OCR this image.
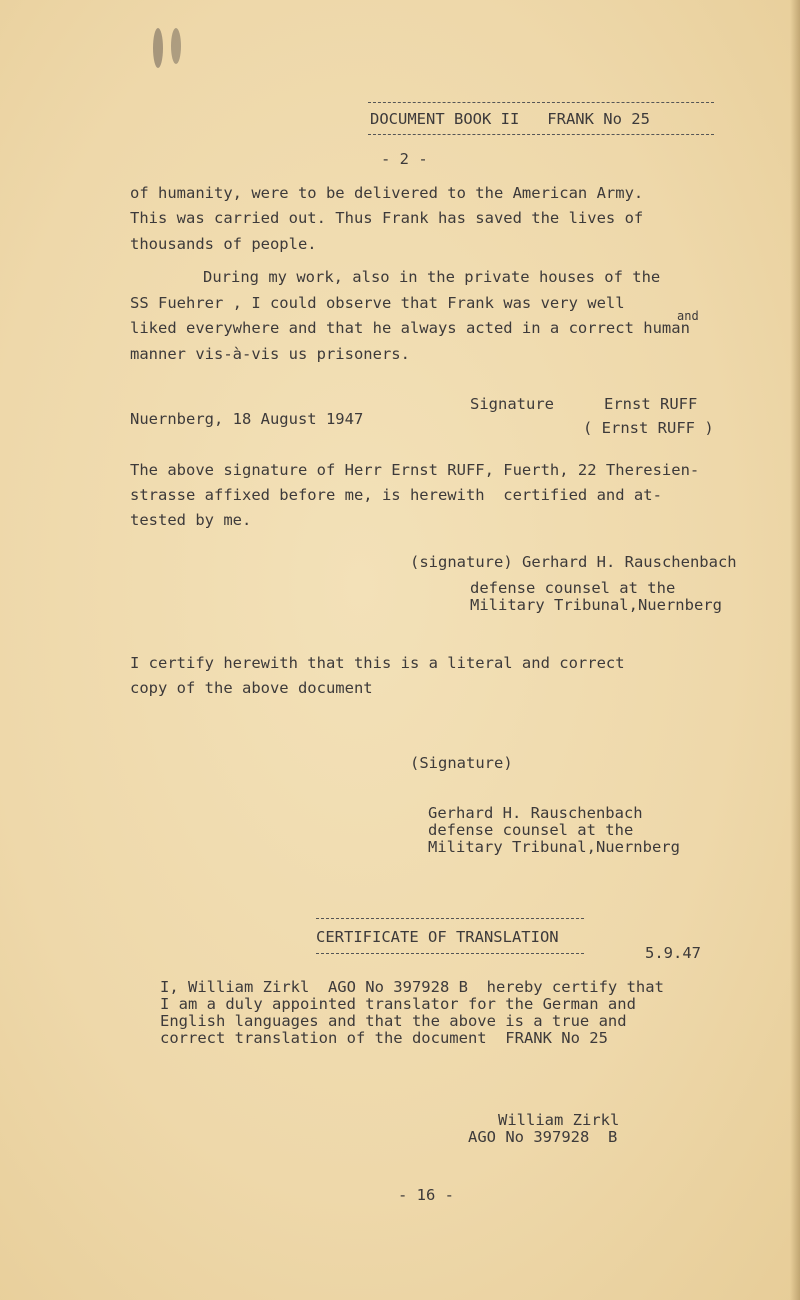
DOCUMENT BOOK II   FRANK No 25
- 2 -
of humanity, were to be delivered to the American Army.
This was carried out. Thus Frank has saved the lives of
thousands of people.
During my work, also in the private houses of the
SS Fuehrer , I could observe that Frank was very well
and
liked everywhere and that he always acted in a correct human
manner vis-à-vis us prisoners.
Signature	Ernst RUFF
Nuernberg, 18 August 1947	( Ernst RUFF )
The above signature of Herr Ernst RUFF, Fuerth, 22 Theresien-
strasse affixed before me, is herewith  certified and at-
tested by me.
(signature) Gerhard H. Rauschenbach
defense counsel at the
Military Tribunal,Nuernberg
I certify herewith that this is a literal and correct
copy of the above document
(Signature)
Gerhard H. Rauschenbach
defense counsel at the
Military Tribunal,Nuernberg
CERTIFICATE OF TRANSLATION
5.9.47
I, William Zirkl  AGO No 397928 B  hereby certify that
I am a duly appointed translator for the German and
English languages and that the above is a true and
correct translation of the document  FRANK No 25
William Zirkl
AGO No 397928  B
- 16 -
